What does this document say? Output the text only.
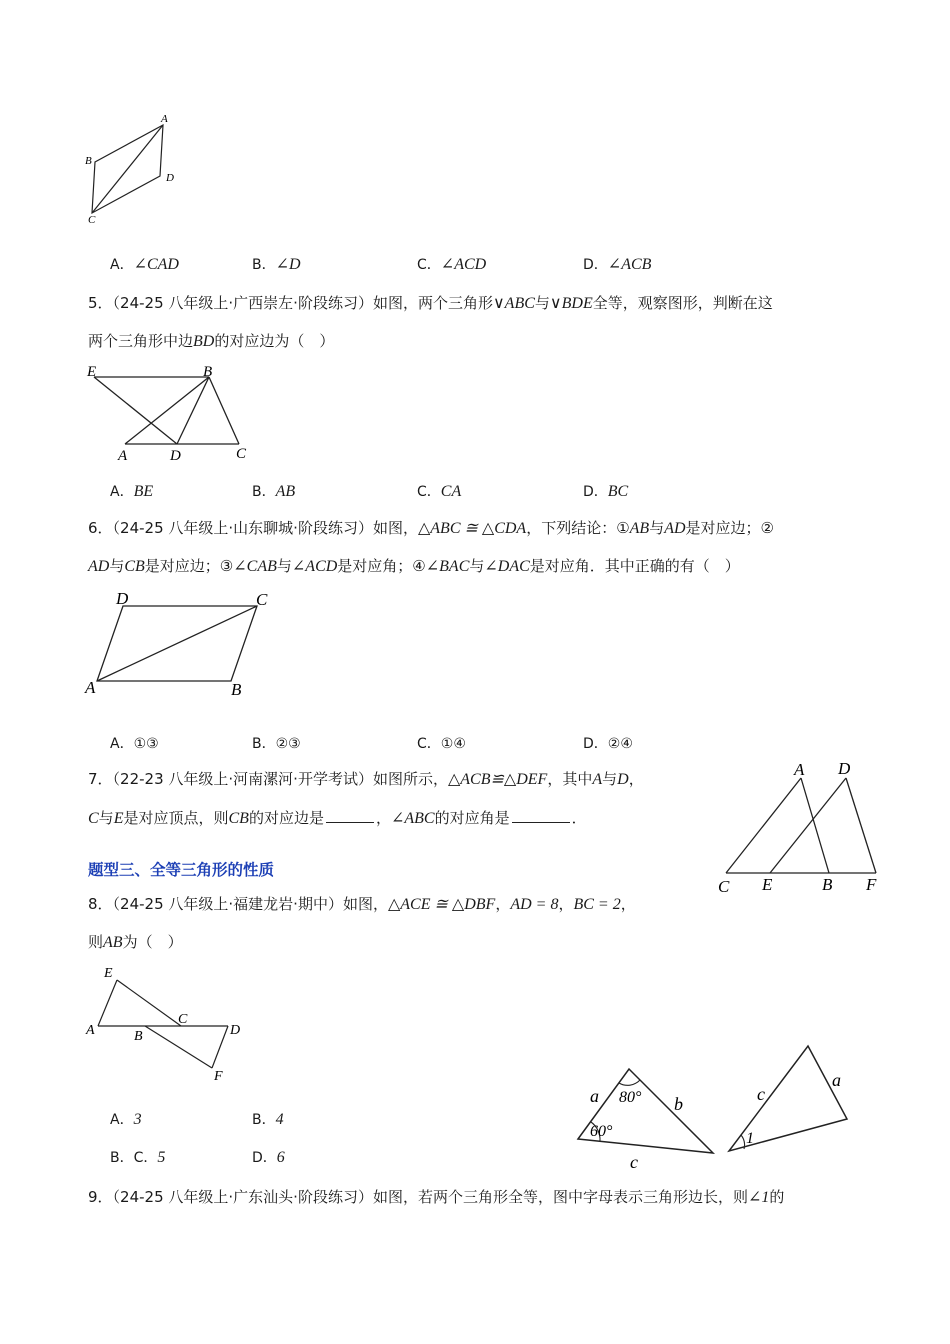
A
B
C
D
A．∠CAD	B．∠D	C．∠ACD	D．∠ACB
5．（24-25 八年级上·广西崇左·阶段练习）如图，两个三角形∨ABC与∨BDE全等，观察图形，判断在这
两个三角形中边BD的对应边为（　）
E	B
A	D	C
A．BE	B．AB	C．CA	D．BC
6．（24-25 八年级上·山东聊城·阶段练习）如图，△ABC ≅ △CDA，下列结论：①AB与AD是对应边；②
AD与CB是对应边；③∠CAB与∠ACD是对应角；④∠BAC与∠DAC是对应角．其中正确的有（　）
D	C
A	B
A．①③	B．②③	C．①④	D．②④
7．（22-23 八年级上·河南漯河·开学考试）如图所示，△ACB≌△DEF，其中A与D，
C与E是对应顶点，则CB的对应边是	，∠ABC的对应角是	．
A D
C E	B F
题型三、全等三角形的性质
8．（24-25 八年级上·福建龙岩·期中）如图，△ACE ≅ △DBF，AD = 8，BC = 2，
则AB为（　）
E
A
C
D
B
F
A．3	B．4
B．C．5	D．6
a	b
c
80°
60°
c
a
1
9．（24-25 八年级上·广东汕头·阶段练习）如图，若两个三角形全等，图中字母表示三角形边长，则∠1的
